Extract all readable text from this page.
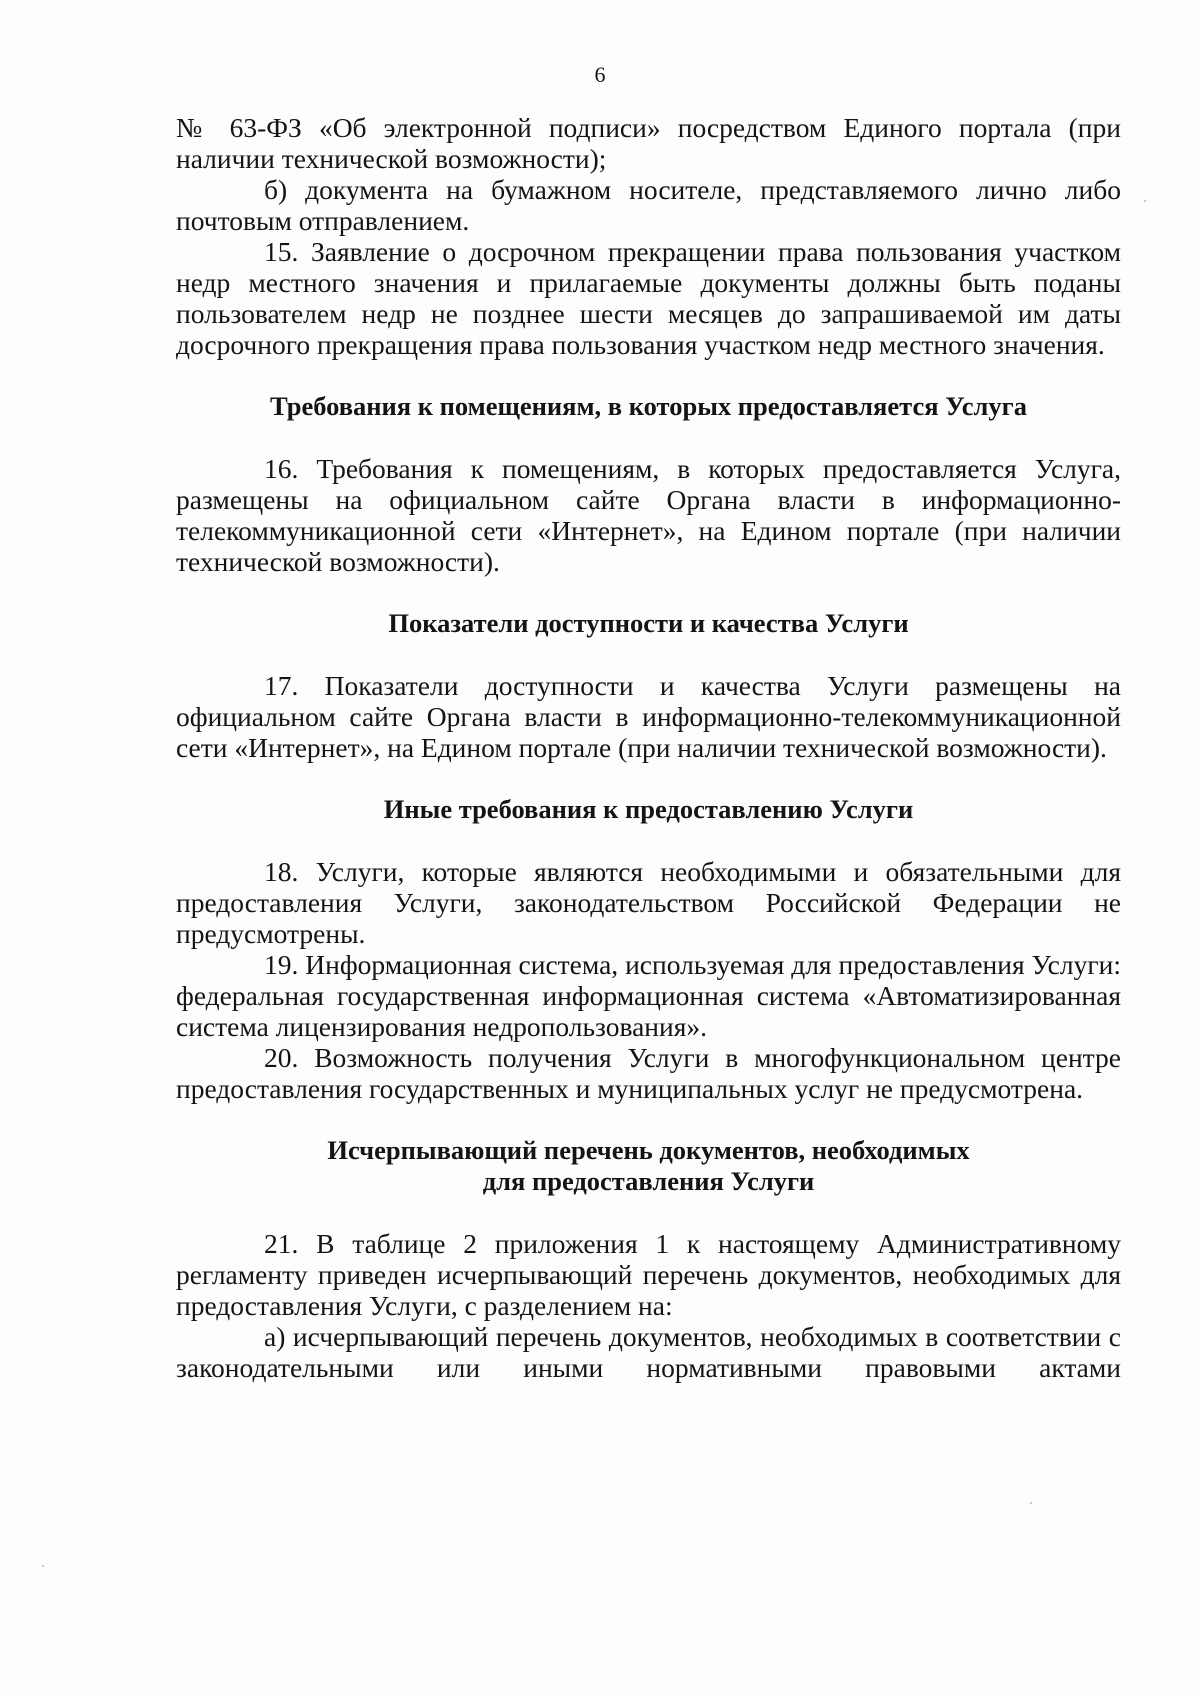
6

№ 63-ФЗ «Об электронной подписи» посредством Единого портала (при наличии технической возможности);

б) документа на бумажном носителе, представляемого лично либо почтовым отправлением.

15. Заявление о досрочном прекращении права пользования участком недр местного значения и прилагаемые документы должны быть поданы пользователем недр не позднее шести месяцев до запрашиваемой им даты досрочного прекращения права пользования участком недр местного значения.

Требования к помещениям, в которых предоставляется Услуга

16. Требования к помещениям, в которых предоставляется Услуга, размещены на официальном сайте Органа власти в информационно-телекоммуникационной сети «Интернет», на Едином портале (при наличии технической возможности).

Показатели доступности и качества Услуги

17. Показатели доступности и качества Услуги размещены на официальном сайте Органа власти в информационно-телекоммуникационной сети «Интернет», на Едином портале (при наличии технической возможности).

Иные требования к предоставлению Услуги

18. Услуги, которые являются необходимыми и обязательными для предоставления Услуги, законодательством Российской Федерации не предусмотрены.

19. Информационная система, используемая для предоставления Услуги: федеральная государственная информационная система «Автоматизированная система лицензирования недропользования».

20. Возможность получения Услуги в многофункциональном центре предоставления государственных и муниципальных услуг не предусмотрена.

Исчерпывающий перечень документов, необходимых для предоставления Услуги

21. В таблице 2 приложения 1 к настоящему Административному регламенту приведен исчерпывающий перечень документов, необходимых для предоставления Услуги, с разделением на:

а) исчерпывающий перечень документов, необходимых в соответствии с законодательными или иными нормативными правовыми актами
